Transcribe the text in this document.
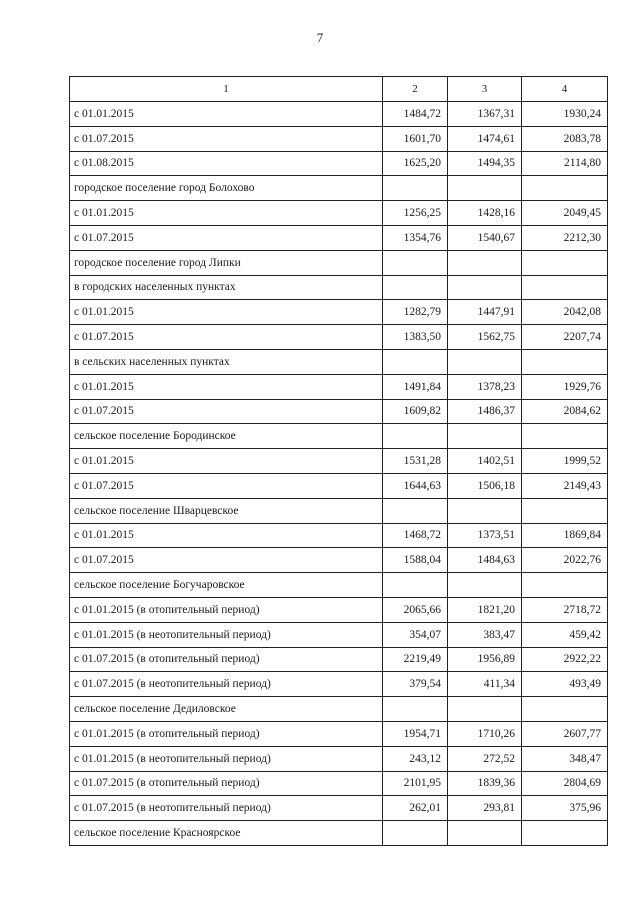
7
1	2	3	4
с 01.01.2015	1484,72	1367,31	1930,24
с 01.07.2015	1601,70	1474,61	2083,78
с 01.08.2015	1625,20	1494,35	2114,80
городское поселение город Болохово			
с 01.01.2015	1256,25	1428,16	2049,45
с 01.07.2015	1354,76	1540,67	2212,30
городское поселение город Липки			
в городских населенных пунктах			
с 01.01.2015	1282,79	1447,91	2042,08
с 01.07.2015	1383,50	1562,75	2207,74
в сельских населенных пунктах			
с 01.01.2015	1491,84	1378,23	1929,76
с 01.07.2015	1609,82	1486,37	2084,62
сельское поселение Бородинское			
с 01.01.2015	1531,28	1402,51	1999,52
с 01.07.2015	1644,63	1506,18	2149,43
сельское поселение Шварцевское			
с 01.01.2015	1468,72	1373,51	1869,84
с 01.07.2015	1588,04	1484,63	2022,76
сельское поселение Богучаровское			
с 01.01.2015 (в отопительный период)	2065,66	1821,20	2718,72
с 01.01.2015 (в неотопительный период)	354,07	383,47	459,42
с 01.07.2015 (в отопительный период)	2219,49	1956,89	2922,22
с 01.07.2015 (в неотопительный период)	379,54	411,34	493,49
сельское поселение Дедиловское			
с 01.01.2015 (в отопительный период)	1954,71	1710,26	2607,77
с 01.01.2015 (в неотопительный период)	243,12	272,52	348,47
с 01.07.2015 (в отопительный период)	2101,95	1839,36	2804,69
с 01.07.2015 (в неотопительный период)	262,01	293,81	375,96
сельское поселение Красноярское			
